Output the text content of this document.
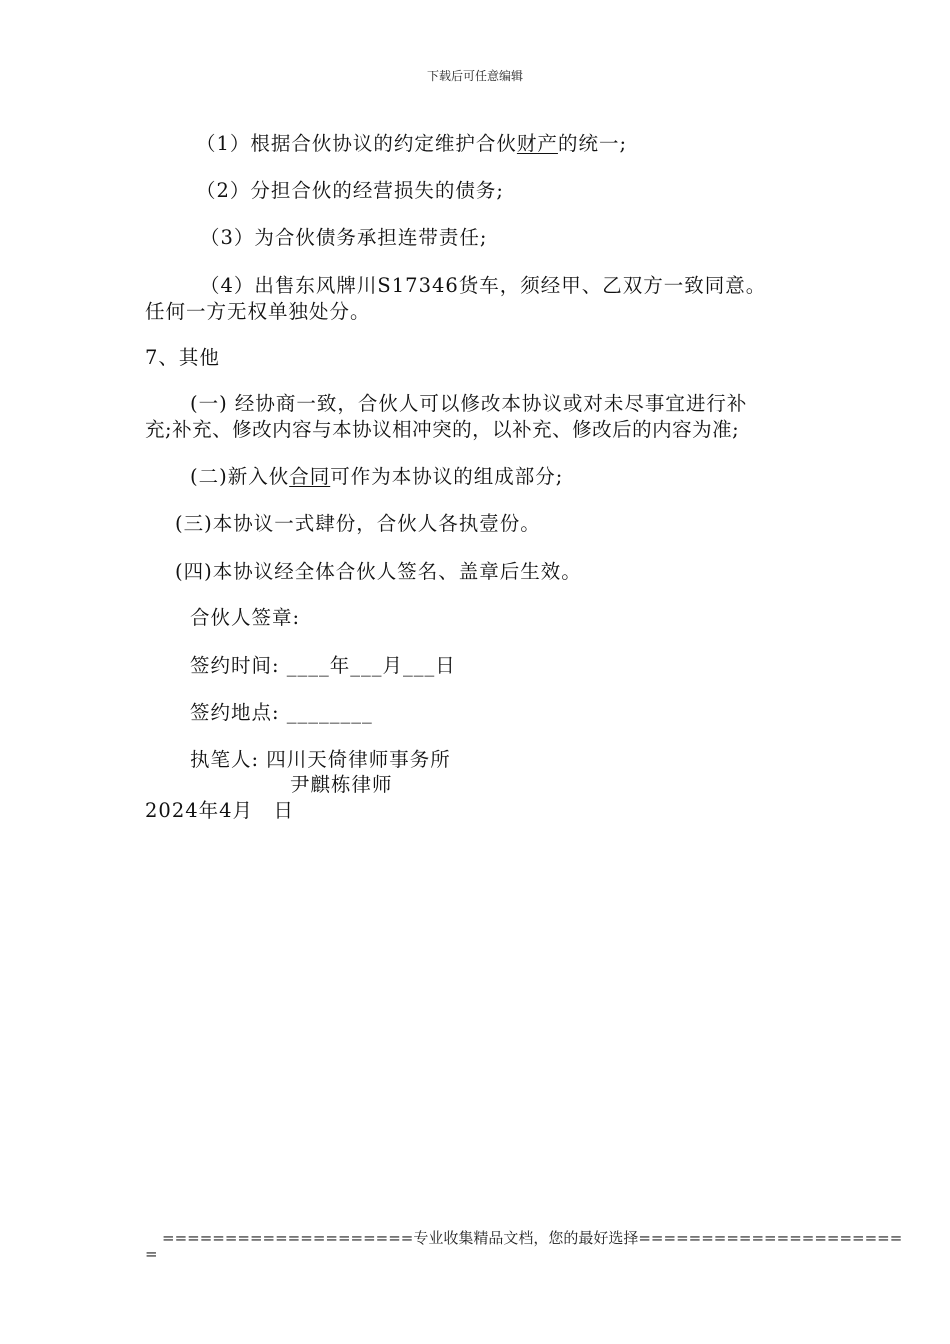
下载后可任意编辑
（1）根据合伙协议的约定维护合伙财产的统一;
（2）分担合伙的经营损失的债务;
（3）为合伙债务承担连带责任;
（4）出售东风牌川S17346货车，须经甲、乙双方一致同意。
任何一方无权单独处分。
7、其他
(一) 经协商一致，合伙人可以修改本协议或对未尽事宜进行补
充;补充、修改内容与本协议相冲突的，以补充、修改后的内容为准;
(二)新入伙合同可作为本协议的组成部分;
(三)本协议一式肆份，合伙人各执壹份。
(四)本协议经全体合伙人签名、盖章后生效。
合伙人签章:
签约时间: ____年___月___日
签约地点: ________
执笔人: 四川天倚律师事务所
尹麒栋律师
2024年4月　日
====================专业收集精品文档，您的最好选择=====================
=
